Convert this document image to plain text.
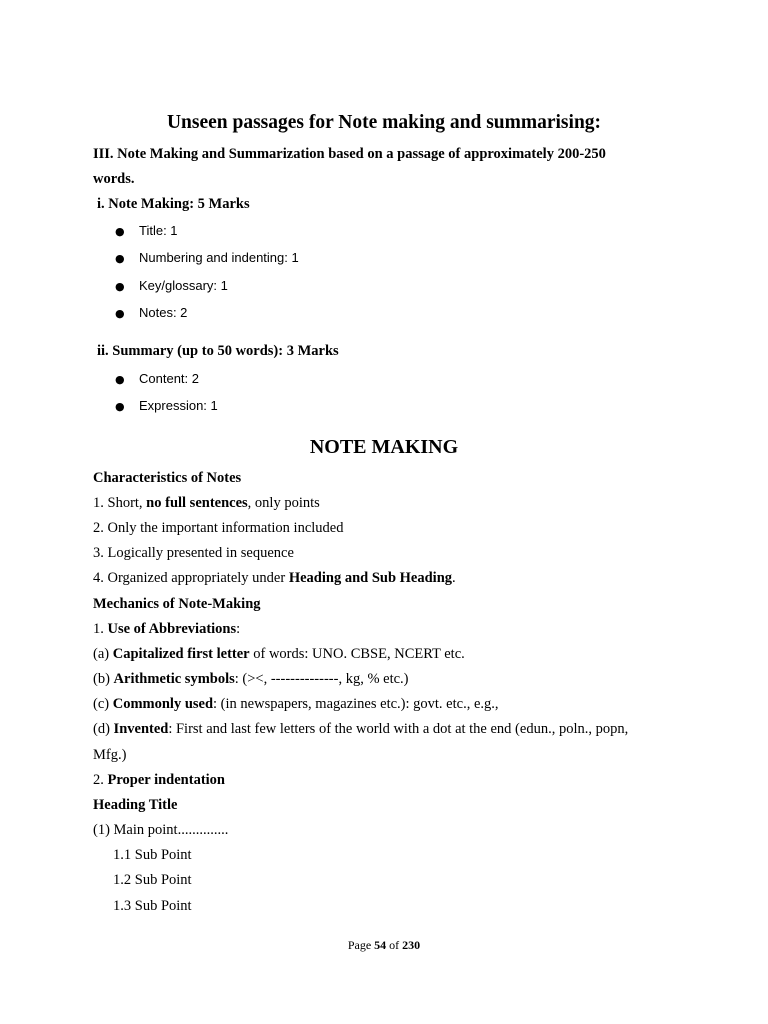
Unseen passages for Note making and summarising:
III. Note Making and Summarization based on a passage of approximately 200-250
words.
i. Note Making: 5 Marks
● Title: 1
● Numbering and indenting: 1
● Key/glossary: 1
● Notes: 2
ii. Summary (up to 50 words): 3 Marks
● Content: 2
● Expression: 1
NOTE MAKING
Characteristics of Notes
1. Short, no full sentences, only points
2. Only the important information included
3. Logically presented in sequence
4. Organized appropriately under Heading and Sub Heading.
Mechanics of Note-Making
1. Use of Abbreviations:
(a) Capitalized first letter of words: UNO. CBSE, NCERT etc.
(b) Arithmetic symbols: (><, --------------, kg, % etc.)
(c) Commonly used: (in newspapers, magazines etc.): govt. etc., e.g.,
(d) Invented: First and last few letters of the world with a dot at the end (edun., poln., popn,
Mfg.)
2. Proper indentation
Heading Title
(1) Main point..............
1.1 Sub Point
1.2 Sub Point
1.3 Sub Point
Page 54 of 230
